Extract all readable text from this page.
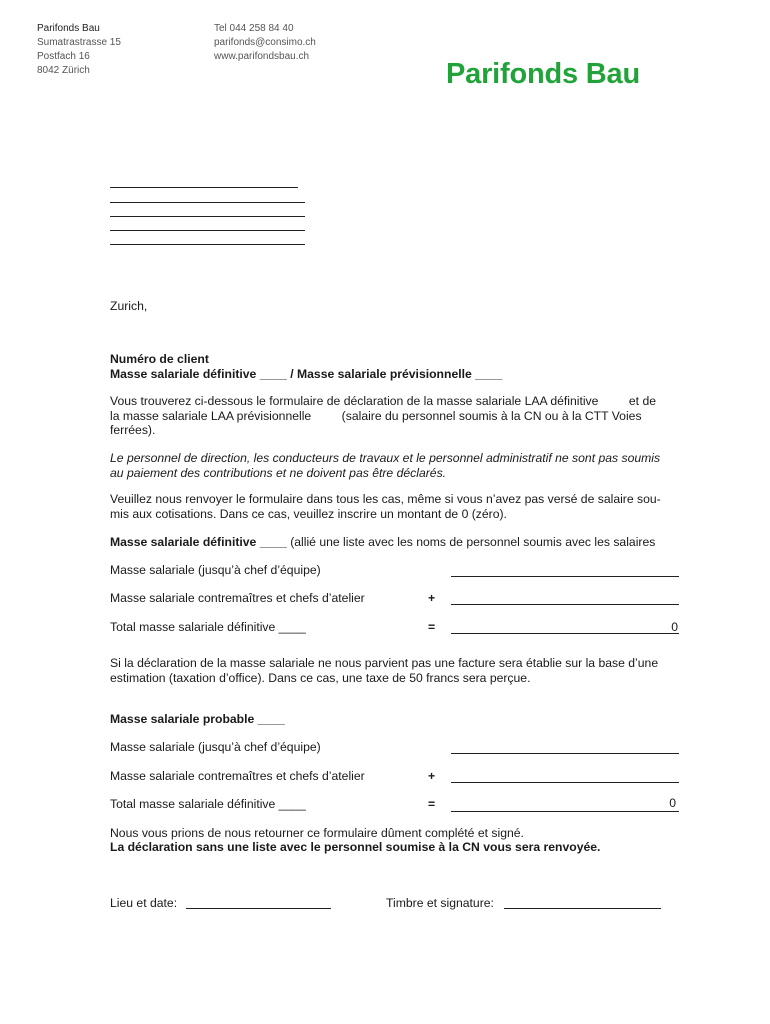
Parifonds Bau
Sumatrastrasse 15
Postfach 16
8042 Zürich
Tel 044 258 84 40
parifonds@consimo.ch
www.parifondsbau.ch
Parifonds Bau
Zurich,
Numéro de client
Masse salariale définitive ____ / Masse salariale prévisionnelle ____
Vous trouverez ci-dessous le formulaire de déclaration de la masse salariale LAA définitive         et de
la masse salariale LAA prévisionnelle         (salaire du personnel soumis à la CN ou à la CTT Voies
ferrées).
Le personnel de direction, les conducteurs de travaux et le personnel administratif ne sont pas soumis
au paiement des contributions et ne doivent pas être déclarés.
Veuillez nous renvoyer le formulaire dans tous les cas, même si vous n’avez pas versé de salaire sou-
mis aux cotisations. Dans ce cas, veuillez inscrire un montant de 0 (zéro).
Masse salariale définitive ____ (allié une liste avec les noms de personnel soumis avec les salaires
Masse salariale (jusqu’à chef d’équipe)
Masse salariale contremaîtres et chefs d’atelier	+
Total masse salariale définitive ____	=	0
Si la déclaration de la masse salariale ne nous parvient pas une facture sera établie sur la base d’une
estimation (taxation d’office). Dans ce cas, une taxe de 50 francs sera perçue.
Masse salariale probable ____
Masse salariale (jusqu’à chef d’équipe)
Masse salariale contremaîtres et chefs d’atelier	+
Total masse salariale définitive ____	=	0
Nous vous prions de nous retourner ce formulaire dûment complété et signé.
La déclaration sans une liste avec le personnel soumise à la CN vous sera renvoyée.
Lieu et date:	Timbre et signature:
